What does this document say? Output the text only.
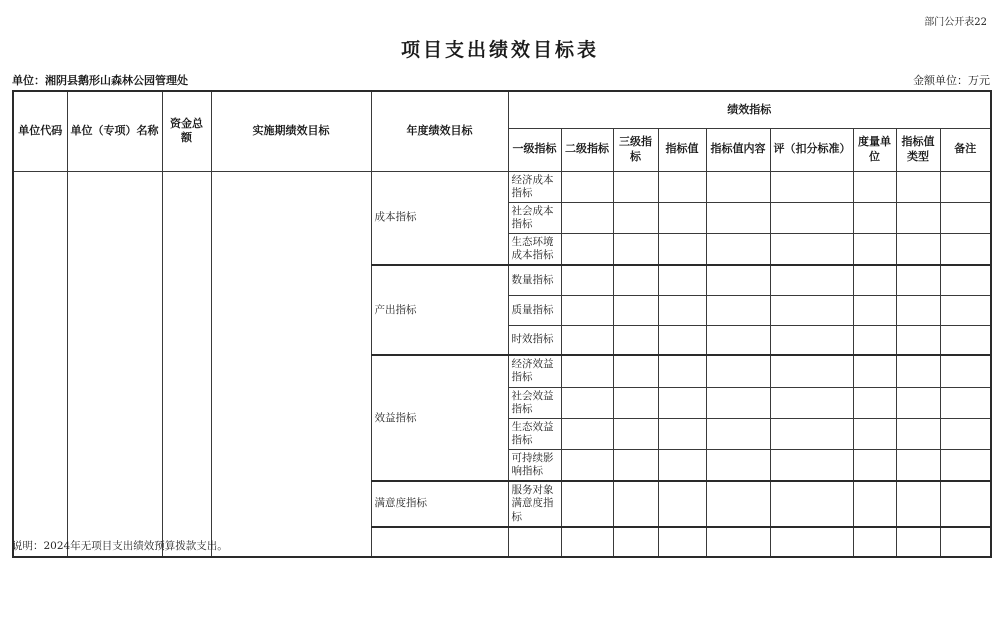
部门公开表22
项目支出绩效目标表
单位：湘阴县鹅形山森林公园管理处	金额单位：万元
单位代码	单位（专项）名称	资金总额	实施期绩效目标	年度绩效目标	绩效指标								
					一级指标	二级指标	三级指标	指标值	指标值内容	评（扣分标准）	度量单位	指标值类型	备注
				成本指标	经济成本指标								
					社会成本指标								
					生态环境成本指标								
				产出指标	数量指标								
					质量指标								
					时效指标								
				效益指标	经济效益指标								
					社会效益指标								
					生态效益指标								
					可持续影响指标								
				满意度指标	服务对象满意度指标								

说明：2024年无项目支出绩效预算拨款支出。
